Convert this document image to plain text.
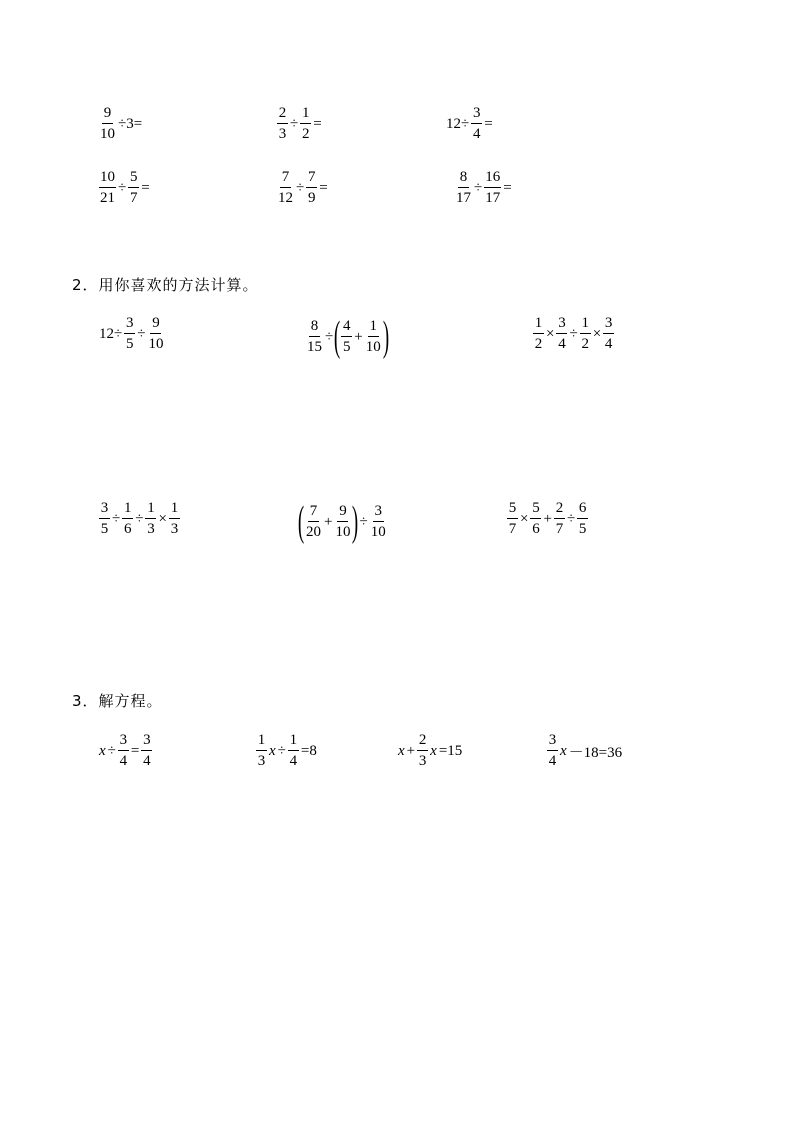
$\frac{9}{10} \div 3=$	$\frac{2}{3} \div \frac{1}{2}$ =	$12\div \frac{3}{4}$ =
$\frac{10}{21} \div \frac{5}{7}$ =	$\frac{7}{12} \div \frac{7}{9}$ =	$\frac{8}{17} \div \frac{16}{17}$ =
2．用你喜欢的方法计算。
$12\div \frac{3}{5} \div \frac{9}{10}$	$\frac{8}{15}$ ÷ ( $\frac{4}{5} + \frac{1}{10}$ )	$\frac{1}{2} \times \frac{3}{4} \div \frac{1}{2} \times \frac{3}{4}$
$\frac{3}{5} \div \frac{1}{6} \div \frac{1}{3} \times \frac{1}{3}$	( $\frac{7}{20} + \frac{9}{10}$ ) ÷ $\frac{3}{10}$	$\frac{5}{7} \times \frac{5}{6} + \frac{2}{7} \div \frac{6}{5}$
3．解方程。
$x \div \frac{3}{4} = \frac{3}{4}$	$\frac{1}{3}$ $x \div \frac{1}{4} =8$	$x + \frac{2}{3}$ x =15	$\frac{3}{4}$ x －18=36
